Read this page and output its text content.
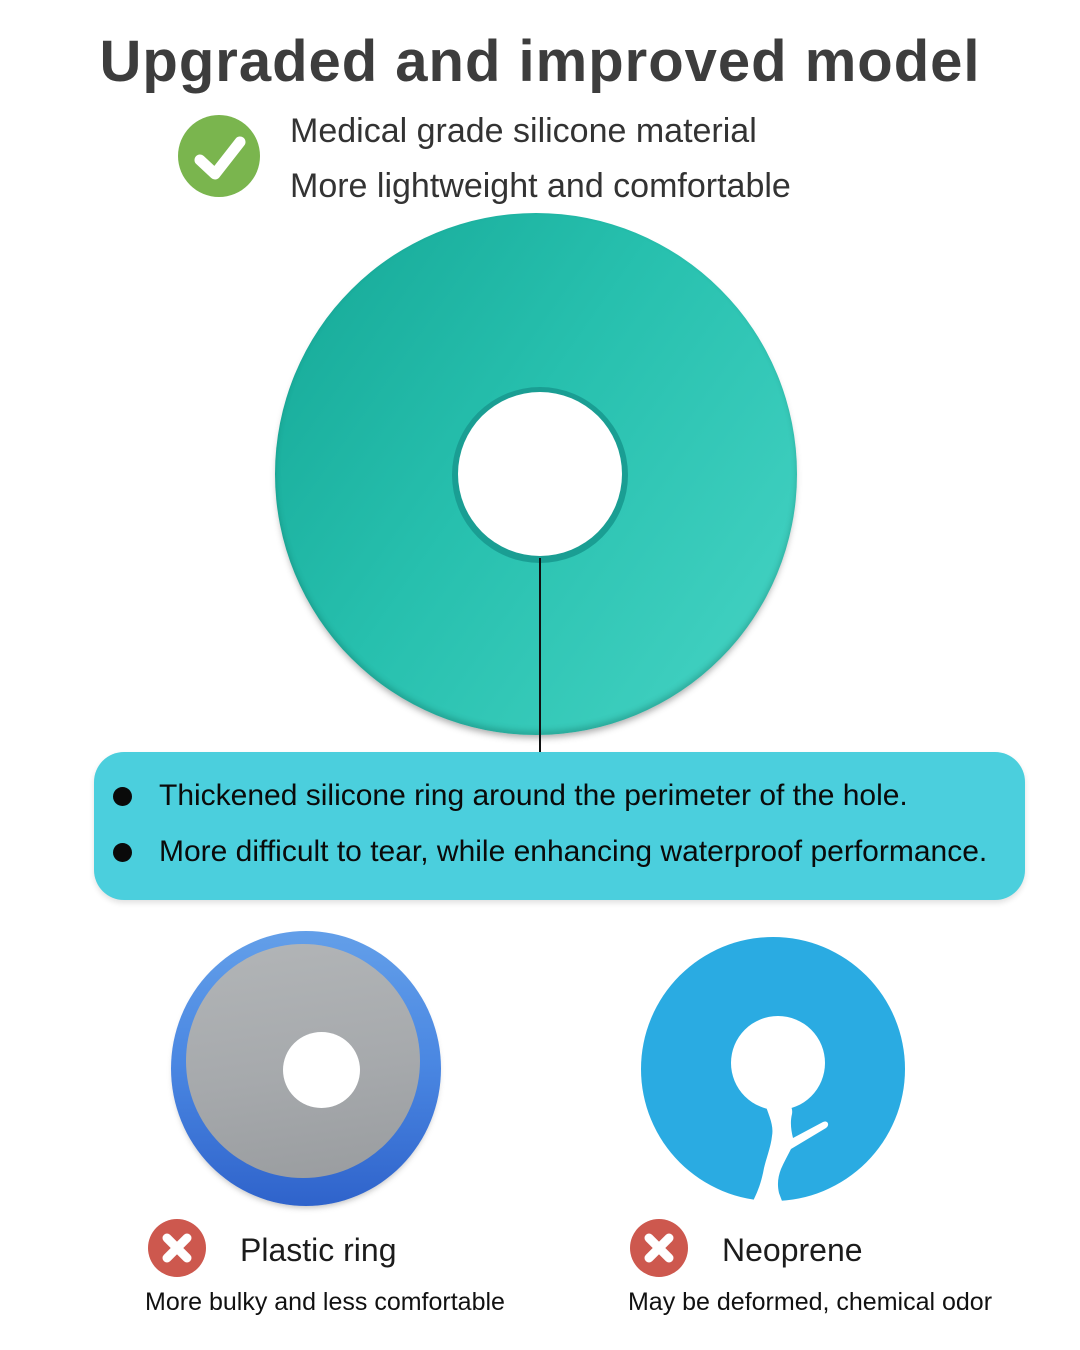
Upgraded and improved model

Medical grade silicone material

More lightweight and comfortable

Thickened silicone ring around the perimeter of the hole.

More difficult to tear, while enhancing waterproof performance.

Plastic ring

More bulky and less comfortable

Neoprene

May be deformed, chemical odor
